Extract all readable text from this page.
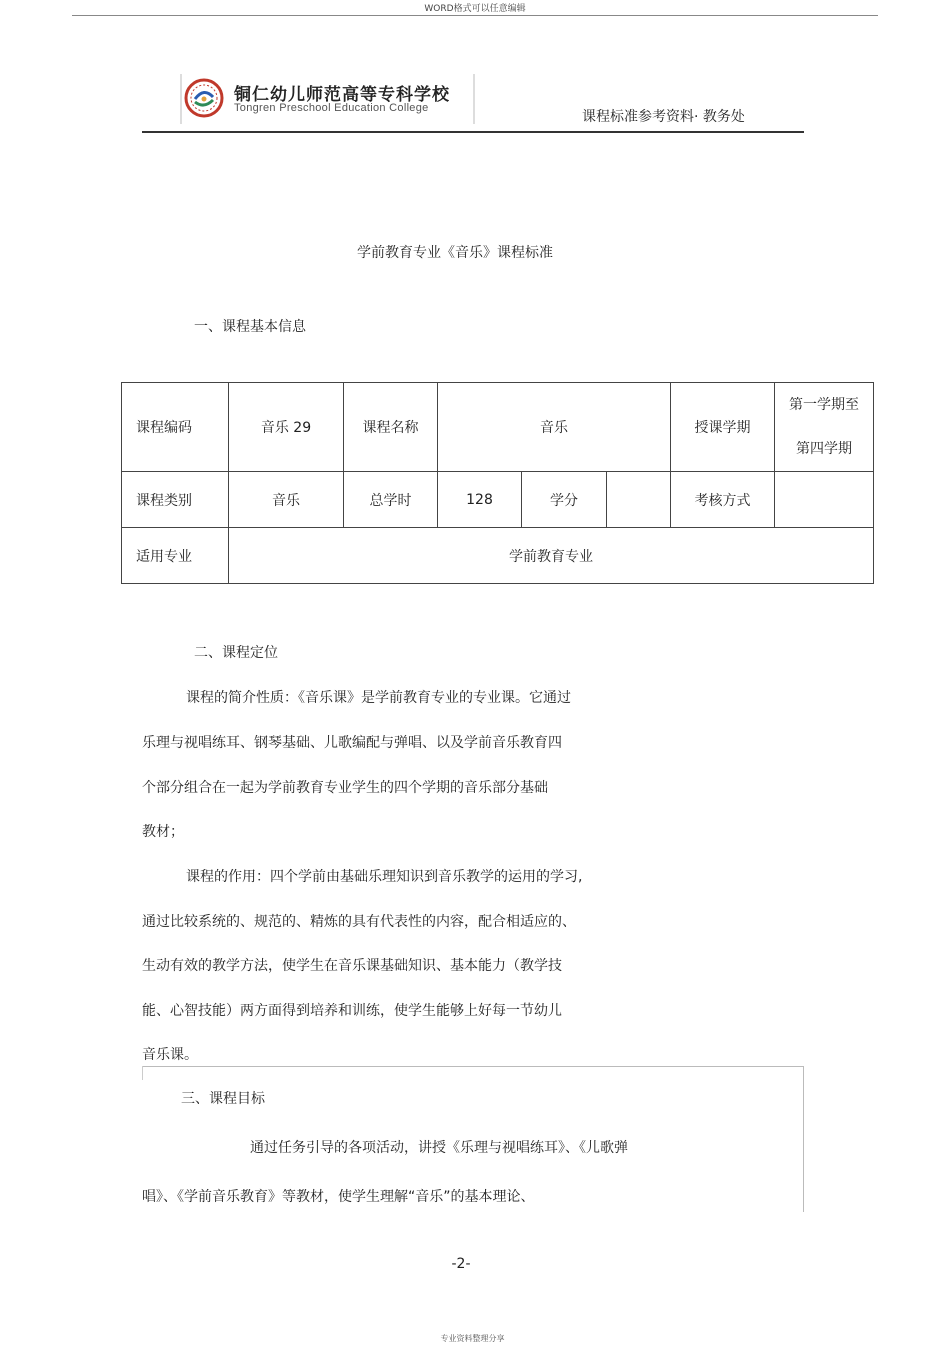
WORD格式可以任意编辑
铜仁幼儿师范高等专科学校
Tongren Preschool Education College
课程标准参考资料· 教务处
学前教育专业《音乐》课程标准
一、课程基本信息
课程编码	音乐 29	课程名称	音乐			授课学期	第一学期至
第四学期

课程类别	音乐	总学时	128	学分		考核方式	
适用专业	学前教育专业						
二、课程定位
课程的简介性质：《音乐课》是学前教育专业的专业课。它通过
乐理与视唱练耳、钢琴基础、儿歌编配与弹唱、以及学前音乐教育四
个部分组合在一起为学前教育专业学生的四个学期的音乐部分基础
教材；
课程的作用：四个学前由基础乐理知识到音乐教学的运用的学习,
通过比较系统的、规范的、精炼的具有代表性的内容，配合相适应的、
生动有效的教学方法，使学生在音乐课基础知识、基本能力（教学技
能、心智技能）两方面得到培养和训练，使学生能够上好每一节幼儿
音乐课。
三、课程目标
通过任务引导的各项活动，讲授《乐理与视唱练耳》、《儿歌弹
唱》、《学前音乐教育》等教材，使学生理解“音乐”的基本理论、
-2-
专业资料整理分享
